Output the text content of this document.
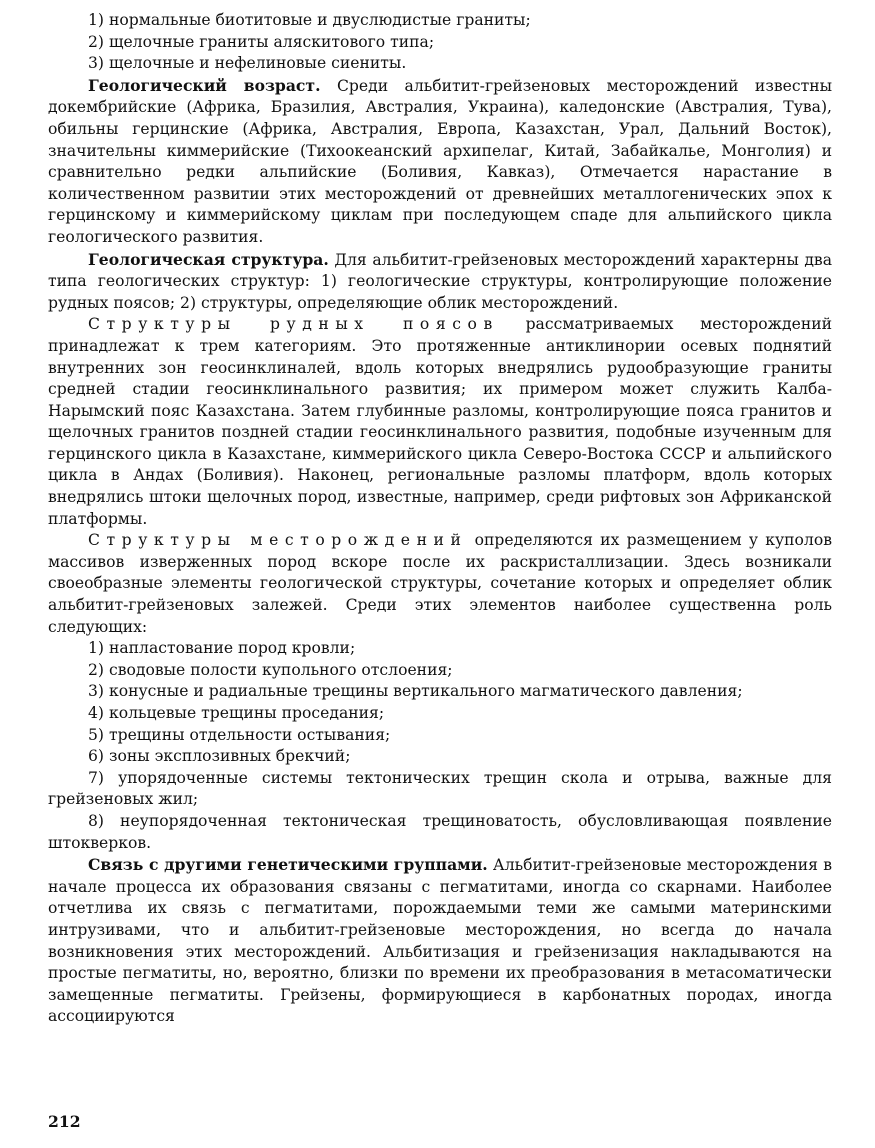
1) нормальные биотитовые и двуслюдистые граниты;

2) щелочные граниты аляскитового типа;

3) щелочные и нефелиновые сиениты.

Геологический возраст. Среди альбитит-грейзеновых месторождений известны докембрийские (Африка, Бразилия, Австралия, Украина), каледонские (Австралия, Тува), обильны герцинские (Африка, Австралия, Европа, Казахстан, Урал, Дальний Восток), значительны киммерийские (Тихоокеанский архипелаг, Китай, Забайкалье, Монголия) и сравнительно редки альпийские (Боливия, Кавказ), Отмечается нарастание в количественном развитии этих месторождений от древнейших металлогенических эпох к герцинскому и киммерийскому циклам при последующем спаде для альпийского цикла геологического развития.

Геологическая структура. Для альбитит-грейзеновых месторождений характерны два типа геологических структур: 1) геологические структуры, контролирующие положение рудных поясов; 2) структуры, определяющие облик месторождений.

Структуры рудных поясов рассматриваемых месторождений принадлежат к трем категориям. Это протяженные антиклинории осевых поднятий внутренних зон геосинклиналей, вдоль которых внедрялись рудообразующие граниты средней стадии геосинклинального развития; их примером может служить Калба-Нарымский пояс Казахстана. Затем глубинные разломы, контролирующие пояса гранитов и щелочных гранитов поздней стадии геосинклинального развития, подобные изученным для герцинского цикла в Казахстане, киммерийского цикла Северо-Востока СССР и альпийского цикла в Андах (Боливия). Наконец, региональные разломы платформ, вдоль которых внедрялись штоки щелочных пород, известные, например, среди рифтовых зон Африканской платформы.

Структуры месторождений определяются их размещением у куполов массивов изверженных пород вскоре после их раскристаллизации. Здесь возникали своеобразные элементы геологической структуры, сочетание которых и определяет облик альбитит-грейзеновых залежей. Среди этих элементов наиболее существенна роль следующих:

1) напластование пород кровли;

2) сводовые полости купольного отслоения;

3) конусные и радиальные трещины вертикального магматического давления;

4) кольцевые трещины проседания;

5) трещины отдельности остывания;

6) зоны эксплозивных брекчий;

7) упорядоченные системы тектонических трещин скола и отрыва, важные для грейзеновых жил;

8) неупорядоченная тектоническая трещиноватость, обусловливающая появление штокверков.

Связь с другими генетическими группами. Альбитит-грейзеновые месторождения в начале процесса их образования связаны с пегматитами, иногда со скарнами. Наиболее отчетлива их связь с пегматитами, порождаемыми теми же самыми материнскими интрузивами, что и альбитит-грейзеновые месторождения, но всегда до начала возникновения этих месторождений. Альбитизация и грейзенизация накладываются на простые пегматиты, но, вероятно, близки по времени их преобразования в метасоматически замещенные пегматиты. Грейзены, формирующиеся в карбонатных породах, иногда ассоциируются

212
